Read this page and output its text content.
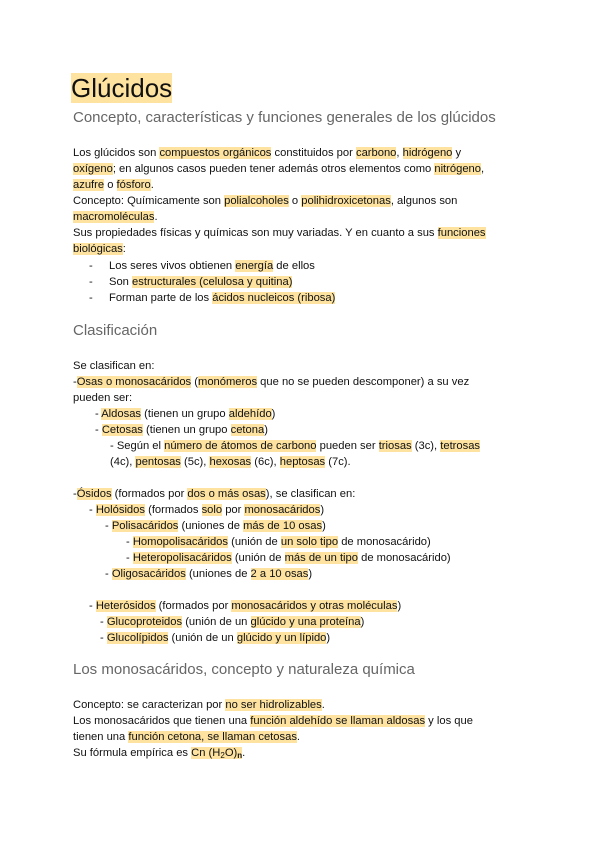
Glúcidos
Concepto, características y funciones generales de los glúcidos
Los glúcidos son compuestos orgánicos constituidos por carbono, hidrógeno y
oxígeno; en algunos casos pueden tener además otros elementos como nitrógeno,
azufre o fósforo.
Concepto: Químicamente son polialcoholes o polihidroxicetonas, algunos son
macromoléculas.
Sus propiedades físicas y químicas son muy variadas. Y en cuanto a sus funciones
biológicas:
- Los seres vivos obtienen energía de ellos
- Son estructurales (celulosa y quitina)
- Forman parte de los ácidos nucleicos (ribosa)
Clasificación
Se clasifican en:
-Osas o monosacáridos (monómeros que no se pueden descomponer) a su vez
pueden ser:
- Aldosas (tienen un grupo aldehído)
- Cetosas (tienen un grupo cetona)
- Según el número de átomos de carbono pueden ser triosas (3c), tetrosas
(4c), pentosas (5c), hexosas (6c), heptosas (7c).
-Ósidos (formados por dos o más osas), se clasifican en:
- Holósidos (formados solo por monosacáridos)
- Polisacáridos (uniones de más de 10 osas)
- Homopolisacáridos (unión de un solo tipo de monosacárido)
- Heteropolisacáridos (unión de más de un tipo de monosacárido)
- Oligosacáridos (uniones de 2 a 10 osas)
- Heterósidos (formados por monosacáridos y otras moléculas)
- Glucoproteidos (unión de un glúcido y una proteína)
- Glucolípidos (unión de un glúcido y un lípido)
Los monosacáridos, concepto y naturaleza química
Concepto: se caracterizan por no ser hidrolizables.
Los monosacáridos que tienen una función aldehído se llaman aldosas y los que
tienen una función cetona, se llaman cetosas.
Su fórmula empírica es Cn $(H_2O)_n$.
